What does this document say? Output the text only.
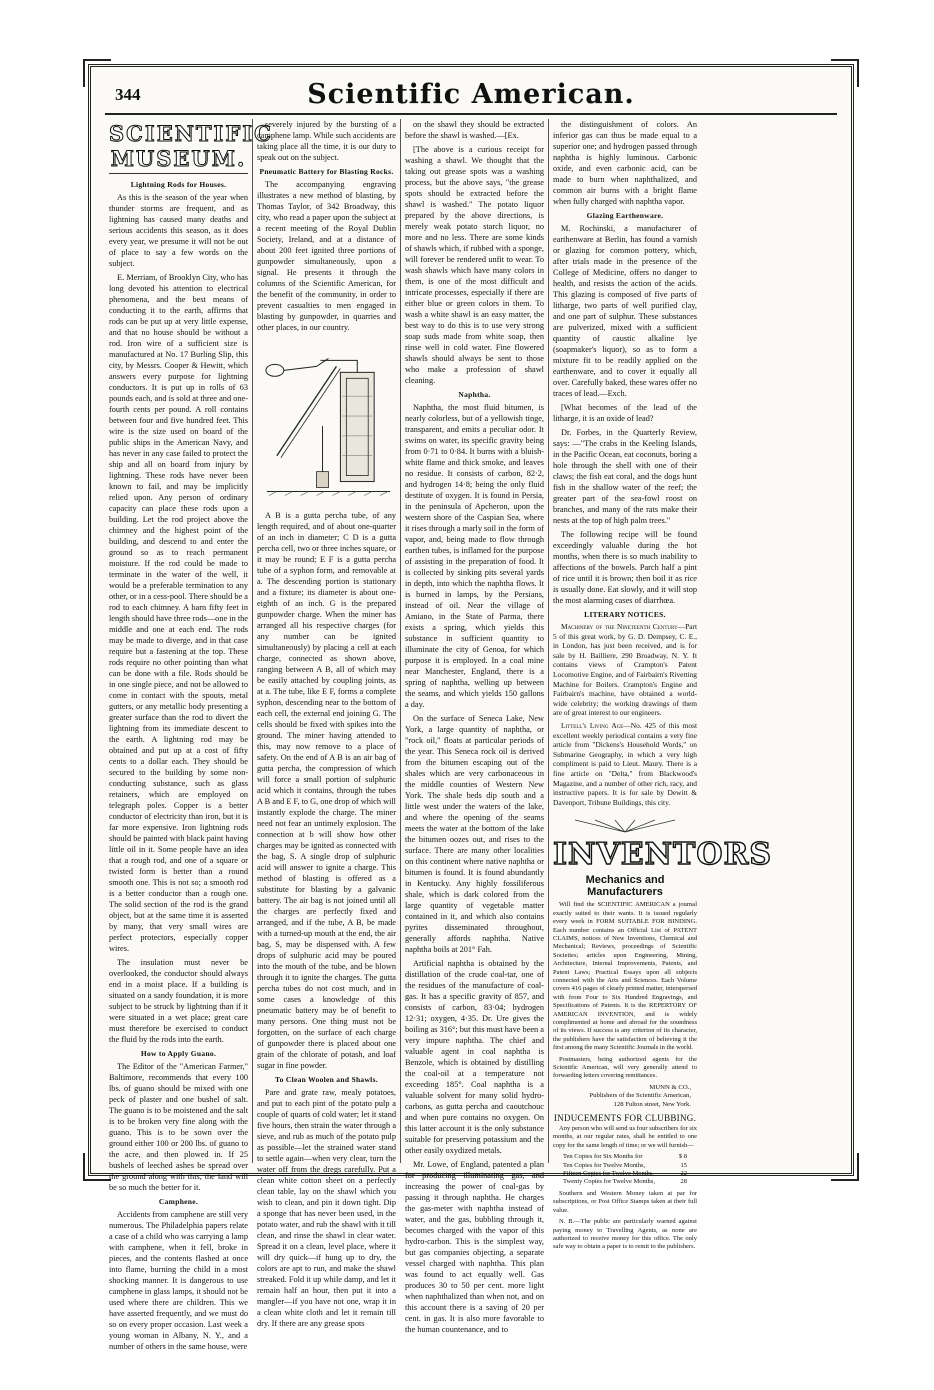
344	Scientific American.
SCIENTIFIC MUSEUM.
Lightning Rods for Houses.

As this is the season of the year when thunder storms are frequent, and as lightning has caused many deaths and serious accidents this season, as it does every year, we presume it will not be out of place to say a few words on the subject.

E. Merriam, of Brooklyn City, who has long devoted his attention to electrical phenomena, and the best means of conducting it to the earth, affirms that rods can be put up at very little expense, and that no house should be without a rod. Iron wire of a sufficient size is manufactured at No. 17 Burling Slip, this city, by Messrs. Cooper & Hewitt, which answers every purpose for lightning conductors. It is put up in rolls of 63 pounds each, and is sold at three and one-fourth cents per pound. A roll contains between four and five hundred feet. This wire is the size used on board of the public ships in the American Navy, and has never in any case failed to protect the ship and all on board from injury by lightning. These rods have never been known to fail, and may be implicitly relied upon. Any person of ordinary capacity can place these rods upon a building. Let the rod project above the chimney and the highest point of the building, and descend to and enter the ground so as to reach permanent moisture. If the rod could be made to terminate in the water of the well, it would be a preferable termination to any other, or in a cess-pool. There should be a rod to each chimney. A barn fifty feet in length should have three rods—one in the middle and one at each end. The rods may be made to diverge, and in that case require but a fastening at the top. These rods require no other pointing than what can be done with a file. Rods should be in one single piece, and not be allowed to come in contact with the spouts, metal gutters, or any metallic body presenting a greater surface than the rod to divert the lightning from its immediate descent to the earth. A lightning rod may be obtained and put up at a cost of fifty cents to a dollar each. They should be secured to the building by some non-conducting substance, such as glass retainers, which are employed on telegraph poles. Copper is a better conductor of electricity than iron, but it is far more expensive. Iron lightning rods should be painted with black paint having little oil in it. Some people have an idea that a rough rod, and one of a square or twisted form is better than a round smooth one. This is not so; a smooth rod is a better conductor than a rough one. The solid section of the rod is the grand object, but at the same time it is asserted by many, that very small wires are perfect protectors, especially copper wires.

The insulation must never be overlooked, the conductor should always end in a moist place. If a building is situated on a sandy foundation, it is more subject to be struck by lightning than if it were situated in a wet place; great care must therefore be exercised to conduct the fluid by the rods into the earth.

How to Apply Guano.

The Editor of the "American Farmer," Baltimore, recommends that every 100 lbs. of guano should be mixed with one peck of plaster and one bushel of salt. The guano is to be moistened and the salt is to be broken very fine along with the guano. This is to be sown over the ground either 100 or 200 lbs. of guano to the acre, and then plowed in. If 25 bushels of leeched ashes be spread over the ground along with this, the land will be so much the better for it.

Camphene.

Accidents from camphene are still very numerous. The Philadelphia papers relate a case of a child who was carrying a lamp with camphene, when it fell, broke in pieces, and the contents flashed at once into flame, burning the child in a most shocking manner. It is dangerous to use camphene in glass lamps, it should not be used where there are children. This we have asserted frequently, and we must do so on every proper occasion. Last week a young woman in Albany, N. Y., and a number of others in the same house, were

severely injured by the bursting of a camphene lamp. While such accidents are taking place all the time, it is our duty to speak out on the subject.

Pneumatic Battery for Blasting Rocks.

The accompanying engraving illustrates a new method of blasting, by Thomas Taylor, of 342 Broadway, this city, who read a paper upon the subject at a recent meeting of the Royal Dublin Society, Ireland, and at a distance of about 200 feet ignited three portions of gunpowder simultaneously, upon a signal. He presents it through the columns of the Scientific American, for the benefit of the community, in order to prevent casualties to men engaged in blasting by gunpowder, in quarries and other places, in our country.

A B is a gutta percha tube, of any length required, and of about one-quarter of an inch in diameter; C D is a gutta percha cell, two or three inches square, or it may be round; E F is a gutta percha tube of a syphon form, and removable at a. The descending portion is stationary and a fixture; its diameter is about one-eighth of an inch. G is the prepared gunpowder charge. When the miner has arranged all his respective charges (for any number can be ignited simultaneously) by placing a cell at each charge, connected as shown above, ranging between A B, all of which may be easily attached by coupling joints, as at a. The tube, like E F, forms a complete syphon, descending near to the bottom of each cell, the external end joining G. The cells should be fixed with spikes into the ground. The miner having attended to this, may now remove to a place of safety. On the end of A B is an air bag of gutta percha, the compression of which will force a small portion of sulphuric acid which it contains, through the tubes A B and E F, to G, one drop of which will instantly explode the charge. The miner need not fear an untimely explosion. The connection at b will show how other charges may be ignited as connected with the bag, S. A single drop of sulphuric acid will answer to ignite a charge. This method of blasting is offered as a substitute for blasting by a galvanic battery. The air bag is not joined until all the charges are perfectly fixed and arranged, and if the tube, A B, be made with a turned-up mouth at the end, the air bag, S, may be dispensed with. A few drops of sulphuric acid may be poured into the mouth of the tube, and be blown through it to ignite the charges. The gutta percha tubes do not cost much, and in some cases a knowledge of this pneumatic battery may be of benefit to many persons. One thing must not be forgotten, on the surface of each charge of gunpowder there is placed about one grain of the chlorate of potash, and loaf sugar in fine powder.

To Clean Woolen and Shawls.

Pare and grate raw, mealy potatoes, and put to each pint of the potato pulp a couple of quarts of cold water; let it stand five hours, then strain the water through a sieve, and rub as much of the potato pulp as possible—let the strained water stand to settle again—when very clear, turn the water off from the dregs carefully. Put a clean white cotton sheet on a perfectly clean table, lay on the shawl which you wish to clean, and pin it down tight. Dip a sponge that has never been used, in the potato water, and rub the shawl with it till clean, and rinse the shawl in clear water. Spread it on a clean, level place, where it will dry quick—if hung up to dry, the colors are apt to run, and make the shawl streaked. Fold it up while damp, and let it remain half an hour, then put it into a mangler—if you have not one, wrap it in a clean white cloth and let it remain till dry. If there are any grease spots

on the shawl they should be extracted before the shawl is washed.—[Ex.

[The above is a curious receipt for washing a shawl. We thought that the taking out grease spots was a washing process, but the above says, "the grease spots should be extracted before the shawl is washed." The potato liquor prepared by the above directions, is merely weak potato starch liquor, no more and no less. There are some kinds of shawls which, if rubbed with a sponge, will forever be rendered unfit to wear. To wash shawls which have many colors in them, is one of the most difficult and intricate processes, especially if there are either blue or green colors in them. To wash a white shawl is an easy matter, the best way to do this is to use very strong soap suds made from white soap, then rinse well in cold water. Fine flowered shawls should always be sent to those who make a profession of shawl cleaning.

Naphtha.

Naphtha, the most fluid bitumen, is nearly colorless, but of a yellowish tinge, transparent, and emits a peculiar odor. It swims on water, its specific gravity being from 0·71 to 0·84. It burns with a bluish-white flame and thick smoke, and leaves no residue. It consists of carbon, 82·2, and hydrogen 14·8; being the only fluid destitute of oxygen. It is found in Persia, in the peninsula of Apcheron, upon the western shore of the Caspian Sea, where it rises through a marly soil in the form of vapor, and, being made to flow through earthen tubes, is inflamed for the purpose of assisting in the preparation of food. It is collected by sinking pits several yards in depth, into which the naphtha flows. It is burned in lamps, by the Persians, instead of oil. Near the village of Amiano, in the State of Parma, there exists a spring, which yields this substance in sufficient quantity to illuminate the city of Genoa, for which purpose it is employed. In a coal mine near Manchester, England, there is a spring of naphtha, welling up between the seams, and which yields 150 gallons a day.

On the surface of Seneca Lake, New York, a large quantity of naphtha, or "rock oil," floats at particular periods of the year. This Seneca rock oil is derived from the bitumen escaping out of the shales which are very carbonaceous in the middle counties of Western New York. The shale beds dip south and a little west under the waters of the lake, and where the opening of the seams meets the water at the bottom of the lake the bitumen oozes out, and rises to the surface. There are many other localities on this continent where native naphtha or bitumen is found. It is found abundantly in Kentucky. Any highly fossiliferous shale, which is dark colored from the large quantity of vegetable matter contained in it, and which also contains pyrites disseminated throughout, generally affords naphtha. Native naphtha boils at 201° Fah.

Artificial naphtha is obtained by the distillation of the crude coal-tar, one of the residues of the manufacture of coal-gas. It has a specific gravity of 857, and consists of carbon, 83·04; hydrogen 12·31; oxygen, 4·35. Dr. Ure gives the boiling as 316°; but this must have been a very impure naphtha. The chief and valuable agent in coal naphtha is Benzole, which is obtained by distilling the coal-oil at a temperature not exceeding 185°. Coal naphtha is a valuable solvent for many solid hydro-carbons, as gutta percha and caoutchouc and when pure contains no oxygen. On this latter account it is the only substance suitable for preserving potassium and the other easily oxydized metals.

Mr. Lowe, of England, patented a plan for producing illuminating gas, and increasing the power of coal-gas by passing it through naphtha. He charges the gas-meter with naphtha instead of water, and the gas, bubbling through it, becomes charged with the vapor of this hydro-carbon. This is the simplest way, but gas companies objecting, a separate vessel charged with naphtha. This plan was found to act equally well. Gas produces 30 to 50 per cent. more light when naphthalized than when not, and on this account there is a saving of 20 per cent. in gas. It is also more favorable to the human countenance, and to

the distinguishment of colors. An inferior gas can thus be made equal to a superior one; and hydrogen passed through naphtha is highly luminous. Carbonic oxide, and even carbonic acid, can be made to burn when naphthalized, and common air burns with a bright flame when fully charged with naphtha vapor.

Glazing Earthenware.

M. Rochinski, a manufacturer of earthenware at Berlin, has found a varnish or glazing for common pottery, which, after trials made in the presence of the College of Medicine, offers no danger to health, and resists the action of the acids. This glazing is composed of five parts of litharge, two parts of well purified clay, and one part of sulphur. These substances are pulverized, mixed with a sufficient quantity of caustic alkaline lye (soapmaker's liquor), so as to form a mixture fit to be readily applied on the earthenware, and to cover it equally all over. Carefully baked, these wares offer no traces of lead.—Exch.

[What becomes of the lead of the litharge, it is an oxide of lead?

Dr. Forbes, in the Quarterly Review, says: —"The crabs in the Keeling Islands, in the Pacific Ocean, eat coconuts, boring a hole through the shell with one of their claws; the fish eat coral, and the dogs hunt fish in the shallow water of the reef; the greater part of the sea-fowl roost on branches, and many of the rats make their nests at the top of high palm trees."

The following recipe will be found exceedingly valuable during the hot months, when there is so much inability to affections of the bowels. Parch half a pint of rice until it is brown; then boil it as rice is usually done. Eat slowly, and it will stop the most alarming cases of diarrhœa.

LITERARY NOTICES.

Machinery of the Nineteenth Century—Part 5 of this great work, by G. D. Dempsey, C. E., in London, has just been received, and is for sale by H. Bailliere, 290 Broadway, N. Y. It contains views of Crampton's Patent Locomotive Engine, and of Fairbairn's Rivetting Machine for Boilers. Crampton's Engine and Fairbairn's machine, have obtained a world-wide celebrity; the working drawings of them are of great interest to our engineers.

Littell's Living Age—No. 425 of this most excellent weekly periodical contains a very fine article from "Dickens's Household Words," on Submarine Geography, in which a very high compliment is paid to Lieut. Maury. There is a fine article on "Delta," from Blackwood's Magazine, and a number of other rich, racy, and instructive papers. It is for sale by Dewitt & Davenport, Tribune Buildings, this city.

INVENTORS
Mechanics and Manufacturers

Will find the SCIENTIFIC AMERICAN a journal exactly suited to their wants. It is issued regularly every week in FORM SUITABLE FOR BINDING. Each number contains an Official List of PATENT CLAIMS, notices of New Inventions, Chemical and Mechanical; Reviews, proceedings of Scientific Societies; articles upon Engineering, Mining, Architecture, Internal Improvements, Patents, and Patent Laws; Practical Essays upon all subjects connected with the Arts and Sciences. Each Volume covers 416 pages of clearly printed matter, interspersed with from Four to Six Hundred Engravings, and Specifications of Patents. It is the REPERTORY OF AMERICAN INVENTION, and is widely complimented at home and abroad for the soundness of its views. If success is any criterion of its character, the publishers have the satisfaction of believing it the first among the many Scientific Journals in the world.

Postmasters, being authorized agents for the Scientific American, will very generally attend to forwarding letters covering remittances.

MUNN & CO.,
Publishers of the Scientific American,
128 Fulton street, New York.
INDUCEMENTS FOR CLUBBING.

Any person who will send us four subscribers for six months, at our regular rates, shall be entitled to one copy for the same length of time; or we will furnish—

Ten Copies for Six Months for	$ 8
Ten Copies for Twelve Months,	15
Fifteen Copies for Twelve Months,	22
Twenty Copies for Twelve Months,	28

Southern and Western Money taken at par for subscriptions, or Post Office Stamps taken at their full value.

N. B.—The public are particularly warned against paying money to Travelling Agents, as none are authorized to receive money for this office. The only safe way to obtain a paper is to remit to the publishers.
